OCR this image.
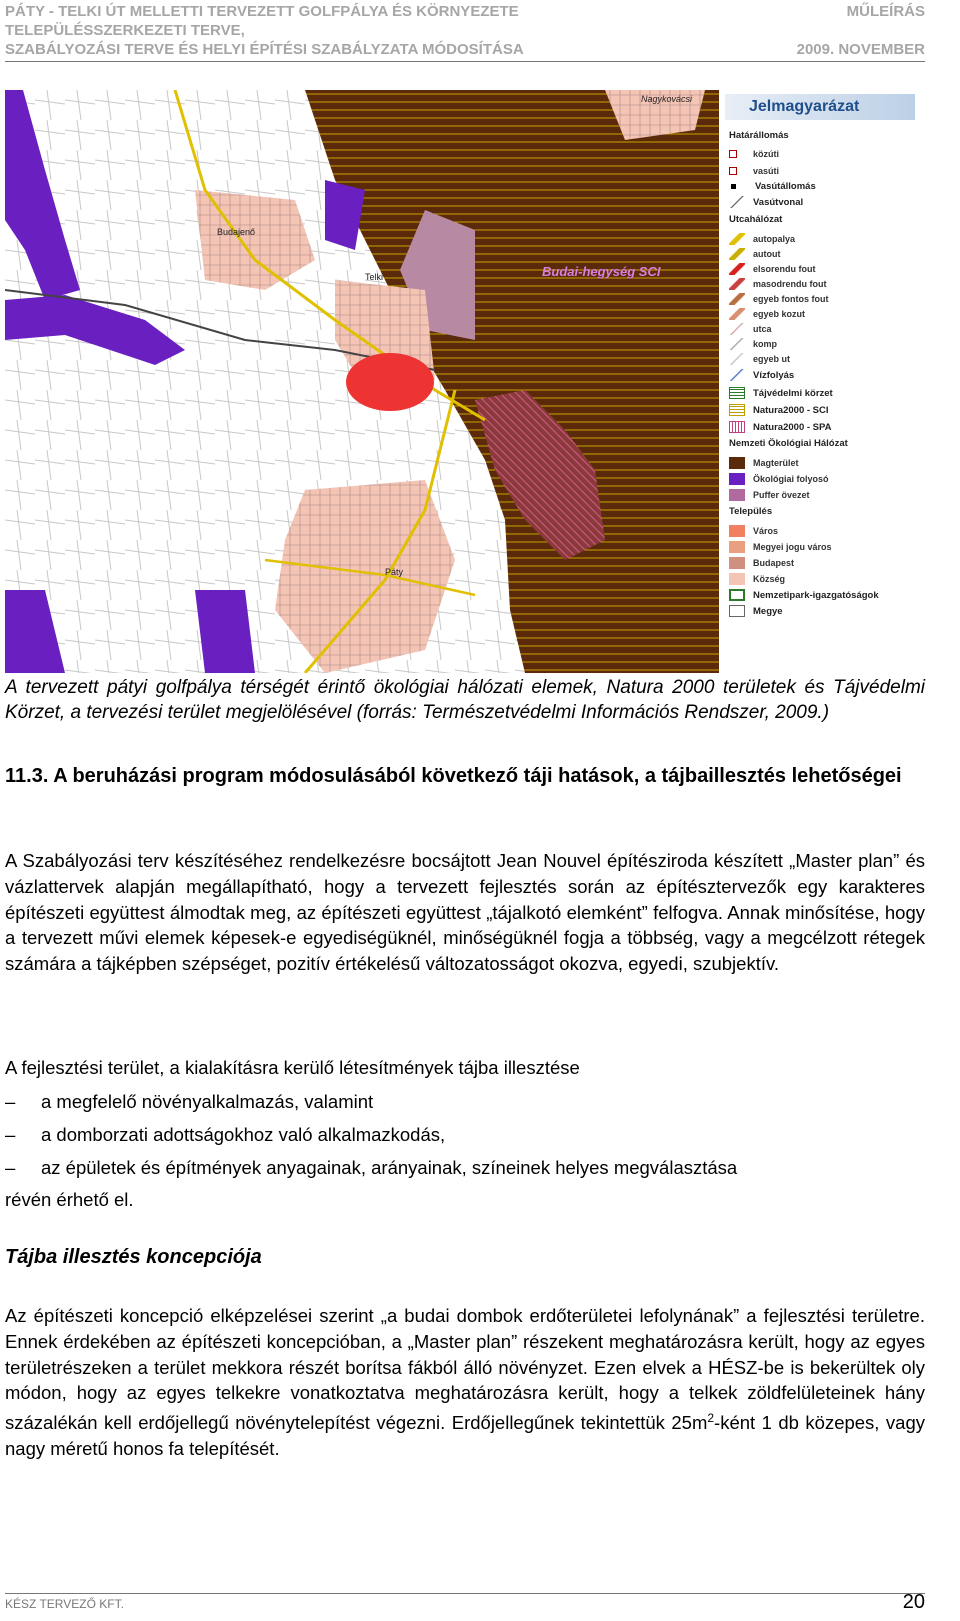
PÁTY - TELKI ÚT MELLETTI TERVEZETT GOLFPÁLYA ÉS KÖRNYEZETE	MŰLEÍRÁS
TELEPÜLÉSSZERKEZETI TERVE,
SZABÁLYOZÁSI TERVE ÉS HELYI ÉPÍTÉSI SZABÁLYZATA MÓDOSÍTÁSA	2009. NOVEMBER
Nagykovácsi
Budajenő
Telki
Páty
Budai-hegység SCI
Jelmagyarázat
Határállomás
közúti
vasúti
Vasútállomás
Vasútvonal
Utcahálózat
autopalya
autout
elsorendu fout
masodrendu fout
egyeb fontos fout
egyeb kozut
utca
komp
egyeb ut
Vízfolyás
Tájvédelmi körzet
Natura2000 - SCI
Natura2000 - SPA
Nemzeti Ökológiai Hálózat
Magterület
Ökológiai folyosó
Puffer övezet
Település
Város
Megyei jogu város
Budapest
Község
Nemzetipark-igazgatóságok
Megye
A tervezett pátyi golfpálya térségét érintő ökológiai hálózati elemek, Natura 2000 területek és Tájvédelmi Körzet, a tervezési terület megjelölésével (forrás: Természetvédelmi Információs Rendszer, 2009.)
11.3. A beruházási program módosulásából következő táji hatások, a tájbaillesztés lehetőségei
A Szabályozási terv készítéséhez rendelkezésre bocsájtott Jean Nouvel építésziroda készített „Master plan” és vázlattervek alapján megállapítható, hogy a tervezett fejlesztés során az építésztervezők egy karakteres építészeti együttest álmodtak meg, az építészeti együttest „tájalkotó elemként” felfogva. Annak minősítése, hogy a tervezett művi elemek képesek-e egyediségüknél, minőségüknél fogja a többség, vagy a megcélzott rétegek számára a tájképben szépséget, pozitív értékelésű változatosságot okozva, egyedi, szubjektív.
A fejlesztési terület, a kialakításra kerülő létesítmények tájba illesztése
– a megfelelő növényalkalmazás, valamint
– a domborzati adottságokhoz való alkalmazkodás,
– az épületek és építmények anyagainak, arányainak, színeinek helyes megválasztása
révén érhető el.
Tájba illesztés koncepciója
Az építészeti koncepció elképzelései szerint „a budai dombok erdőterületei lefolynának” a fejlesztési területre. Ennek érdekében az építészeti koncepcióban, a „Master plan” részekent meghatározásra került, hogy az egyes területrészeken a terület mekkora részét borítsa fákból álló növényzet. Ezen elvek a HÉSZ-be is bekerültek oly módon, hogy az egyes telkekre vonatkoztatva meghatározásra került, hogy a telkek zöldfelületeinek hány százalékán kell erdőjellegű növénytelepítést végezni. Erdőjellegűnek tekintettük $25m^2$-ként 1 db közepes, vagy nagy méretű honos fa telepítését.
KÉSZ TERVEZŐ KFT.	20
